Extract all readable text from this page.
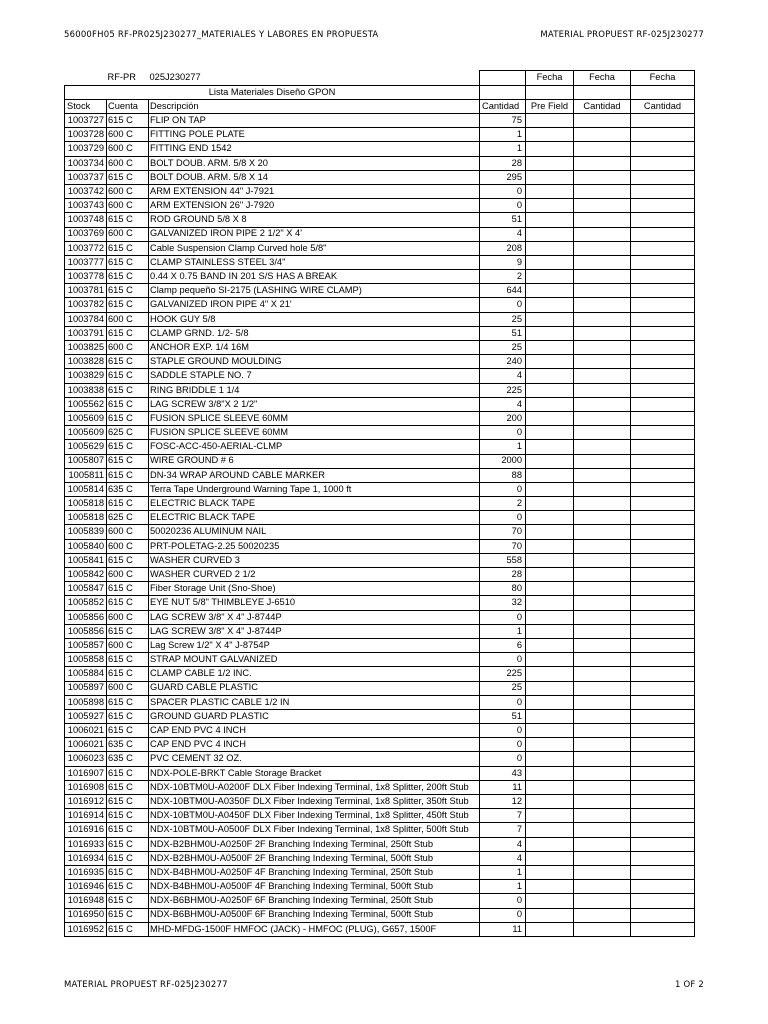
56000FH05 RF-PR025J230277_MATERIALES Y LABORES EN PROPUESTA	MATERIAL PROPUEST RF-025J230277
	RF-PR	025J230277		Fecha	Fecha	Fecha
Lista Materiales Diseño GPON						
Stock	Cuenta	Descripción	Cantidad	Pre Field	Cantidad	Cantidad
1003727	615 C	FLIP ON TAP	75			
1003728	600 C	FITTING POLE PLATE	1			
1003729	600 C	FITTING END 1542	1			
1003734	600 C	BOLT DOUB. ARM. 5/8 X 20	28			
1003737	615 C	BOLT DOUB. ARM. 5/8 X 14	295			
1003742	600 C	ARM EXTENSION 44" J-7921	0			
1003743	600 C	ARM EXTENSION 26" J-7920	0			
1003748	615 C	ROD GROUND 5/8 X 8	51			
1003769	600 C	GALVANIZED IRON PIPE 2 1/2" X 4'	4			
1003772	615 C	Cable Suspension Clamp Curved hole 5/8"	208			
1003777	615 C	CLAMP STAINLESS STEEL 3/4"	9			
1003778	615 C	0.44 X 0.75 BAND IN 201 S/S HAS A BREAK	2			
1003781	615 C	Clamp pequeño SI-2175 (LASHING WIRE CLAMP)	644			
1003782	615 C	GALVANIZED IRON PIPE 4" X 21'	0			
1003784	600 C	HOOK GUY 5/8	25			
1003791	615 C	CLAMP GRND. 1/2- 5/8	51			
1003825	600 C	ANCHOR EXP. 1/4 16M	25			
1003828	615 C	STAPLE GROUND MOULDING	240			
1003829	615 C	SADDLE STAPLE NO. 7	4			
1003838	615 C	RING BRIDDLE 1 1/4	225			
1005562	615 C	LAG SCREW 3/8"X 2 1/2"	4			
1005609	615 C	FUSION SPLICE SLEEVE 60MM	200			
1005609	625 C	FUSION SPLICE SLEEVE 60MM	0			
1005629	615 C	FOSC-ACC-450-AERIAL-CLMP	1			
1005807	615 C	WIRE GROUND # 6	2000			
1005811	615 C	DN-34 WRAP AROUND CABLE MARKER	88			
1005814	635 C	Terra Tape Underground Warning Tape 1, 1000 ft	0			
1005818	615 C	ELECTRIC BLACK TAPE	2			
1005818	625 C	ELECTRIC BLACK TAPE	0			
1005839	600 C	50020236 ALUMINUM NAIL	70			
1005840	600 C	PRT-POLETAG-2.25 50020235	70			
1005841	615 C	WASHER CURVED 3	558			
1005842	600 C	WASHER CURVED 2 1/2	28			
1005847	615 C	Fiber Storage Unit (Sno-Shoe)	80			
1005852	615 C	EYE NUT 5/8" THIMBLEYE J-6510	32			
1005856	600 C	LAG SCREW 3/8" X 4" J-8744P	0			
1005856	615 C	LAG SCREW 3/8" X 4" J-8744P	1			
1005857	600 C	Lag Screw 1/2" X 4" J-8754P	6			
1005858	615 C	STRAP MOUNT GALVANIZED	0			
1005884	615 C	CLAMP CABLE 1/2 INC.	225			
1005897	600 C	GUARD CABLE PLASTIC	25			
1005898	615 C	SPACER PLASTIC CABLE 1/2 IN	0			
1005927	615 C	GROUND GUARD PLASTIC	51			
1006021	615 C	CAP END PVC 4 INCH	0			
1006021	635 C	CAP END PVC 4 INCH	0			
1006023	635 C	PVC CEMENT 32 OZ.	0			
1016907	615 C	NDX-POLE-BRKT Cable Storage Bracket	43			
1016908	615 C	NDX-10BTM0U-A0200F DLX Fiber Indexing Terminal, 1x8 Splitter, 200ft Stub	11			
1016912	615 C	NDX-10BTM0U-A0350F DLX Fiber Indexing Terminal, 1x8 Splitter, 350ft Stub	12			
1016914	615 C	NDX-10BTM0U-A0450F DLX Fiber Indexing Terminal, 1x8 Splitter, 450ft Stub	7			
1016916	615 C	NDX-10BTM0U-A0500F DLX Fiber Indexing Terminal, 1x8 Splitter, 500ft Stub	7			
1016933	615 C	NDX-B2BHM0U-A0250F 2F Branching Indexing Terminal, 250ft Stub	4			
1016934	615 C	NDX-B2BHM0U-A0500F 2F Branching Indexing Terminal, 500ft Stub	4			
1016935	615 C	NDX-B4BHM0U-A0250F 4F Branching Indexing Terminal, 250ft Stub	1			
1016946	615 C	NDX-B4BHM0U-A0500F 4F Branching Indexing Terminal, 500ft Stub	1			
1016948	615 C	NDX-B6BHM0U-A0250F 6F Branching Indexing Terminal, 250ft Stub	0			
1016950	615 C	NDX-B6BHM0U-A0500F 6F Branching Indexing Terminal, 500ft Stub	0			
1016952	615 C	MHD-MFDG-1500F HMFOC (JACK) - HMFOC (PLUG), G657, 1500F	11			
MATERIAL PROPUEST RF-025J230277	1 OF 2
